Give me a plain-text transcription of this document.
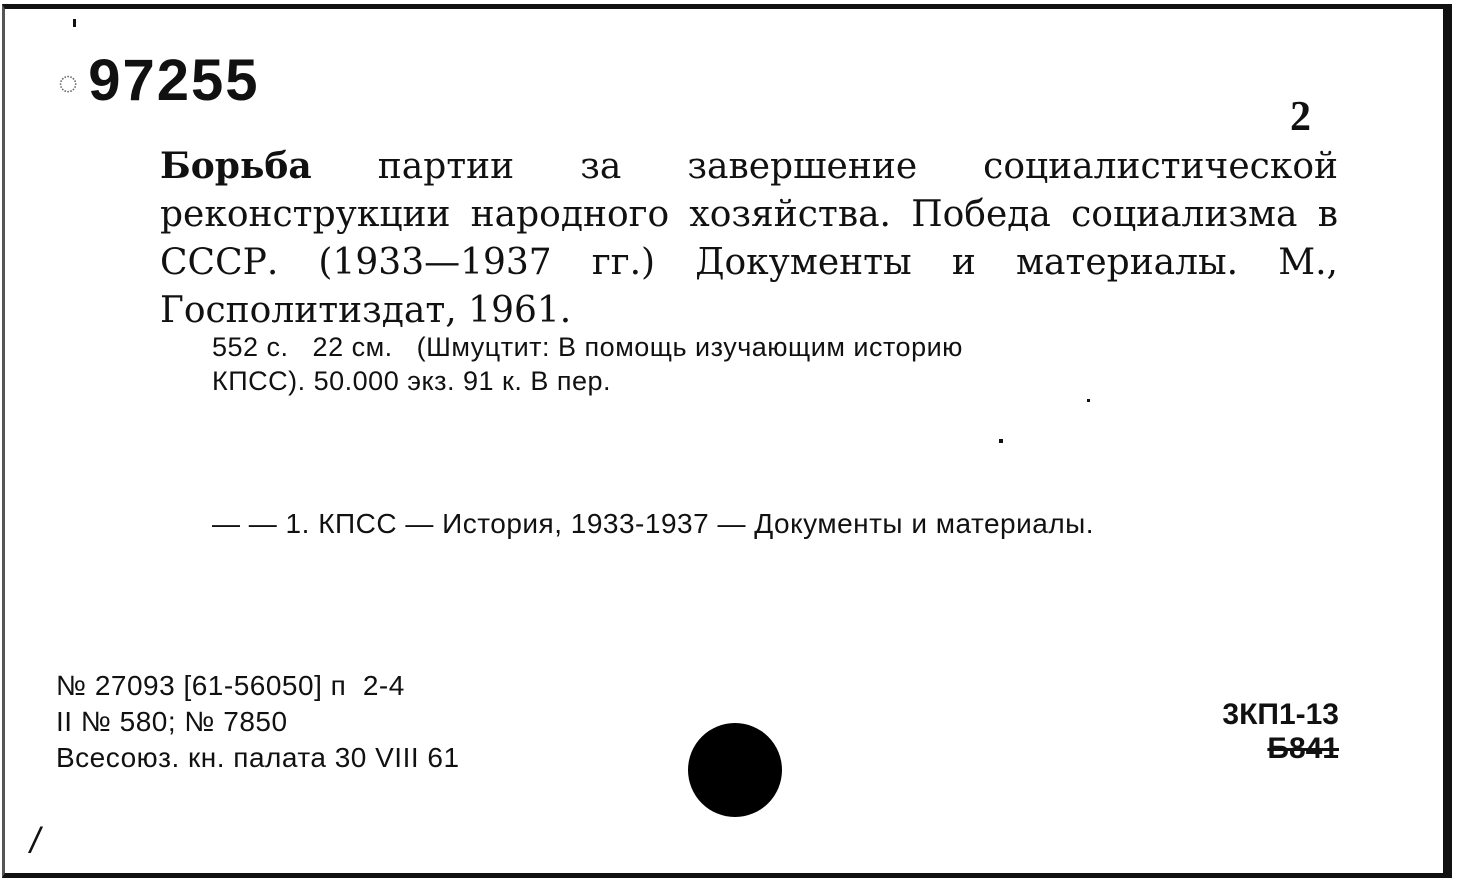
◌ 97255
2
Борьба партии за завершение социалистической реконструкции народного хозяйства. Победа социализма в СССР. (1933—1937 гг.) Документы и материалы. М., Госполитиздат, 1961.
552 с.   22 см.   (Шмуцтит: В помощь изучающим историю
КПСС). 50.000 экз. 91 к. В пер.
— — 1. КПСС — История, 1933-1937 — Документы и материалы.
№ 27093 [61-56050] п  2-4
II № 580; № 7850
Всесоюз. кн. палата 30 VIII 61
3КП1-13
Б841
/
